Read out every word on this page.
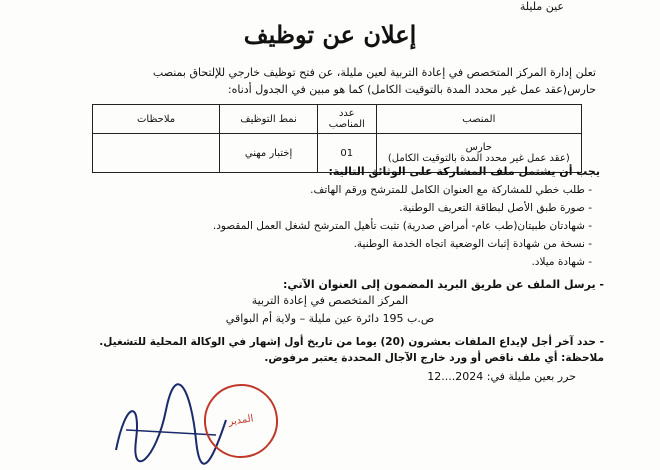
عين مليلة
إعلان عن توظيف
تعلن إدارة المركز المتخصص في إعادة التربية لعين مليلة، عن فتح توظيف خارجي للإلتحاق بمنصب
حارس(عقد عمل غير محدد المدة بالتوقيت الكامل) كما هو مبين في الجدول أدناه:
المنصب	عدد المناصب	نمط التوظيف	ملاحظات

حارس
(عقد عمل غير محدد المدة بالتوقيت الكامل)	01	إختبار مهني	
يجب أن يشتمل ملف المشاركة على الوثائق التالية:
- طلب خطي للمشاركة مع العنوان الكامل للمترشح ورقم الهاتف.
- صورة طبق الأصل لبطاقة التعريف الوطنية.
- شهادتان طبيتان(طب عام- أمراض صدرية) تثبت تأهيل المترشح لشغل العمل المقصود.
- نسخة من شهادة إثبات الوضعية اتجاه الخدمة الوطنية.
- شهادة ميلاد.
- يرسل الملف عن طريق البريد المضمون إلى العنوان الآتي:
المركز المتخصص في إعادة التربية
ص.ب 195 دائرة عين مليلة – ولاية أم البواقي
- حدد آخر أجل لإيداع الملفات بعشرون (20) يوما من تاريخ أول إشهار في الوكالة المحلية للتشغيل.
ملاحظة: أي ملف ناقص أو ورد خارج الآجال المحددة يعتبر مرفوض.
حرر بعين مليلة في: 2024....12
المدير
